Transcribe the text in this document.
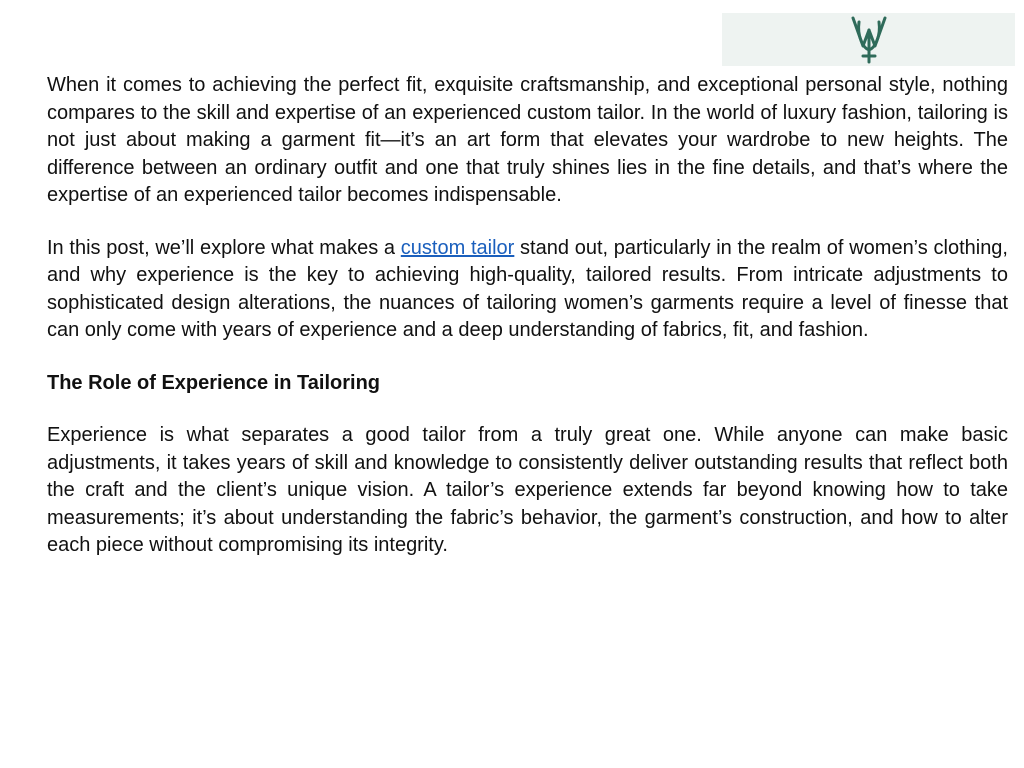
When it comes to achieving the perfect fit, exquisite craftsmanship, and exceptional personal style, nothing compares to the skill and expertise of an experienced custom tailor. In the world of luxury fashion, tailoring is not just about making a garment fit—it’s an art form that elevates your wardrobe to new heights. The difference between an ordinary outfit and one that truly shines lies in the fine details, and that’s where the expertise of an experienced tailor becomes indispensable.

In this post, we’ll explore what makes a custom tailor stand out, particularly in the realm of women’s clothing, and why experience is the key to achieving high-quality, tailored results. From intricate adjustments to sophisticated design alterations, the nuances of tailoring women’s garments require a level of finesse that can only come with years of experience and a deep understanding of fabrics, fit, and fashion.

The Role of Experience in Tailoring

Experience is what separates a good tailor from a truly great one. While anyone can make basic adjustments, it takes years of skill and knowledge to consistently deliver outstanding results that reflect both the craft and the client’s unique vision. A tailor’s experience extends far beyond knowing how to take measurements; it’s about understanding the fabric’s behavior, the garment’s construction, and how to alter each piece without compromising its integrity.
